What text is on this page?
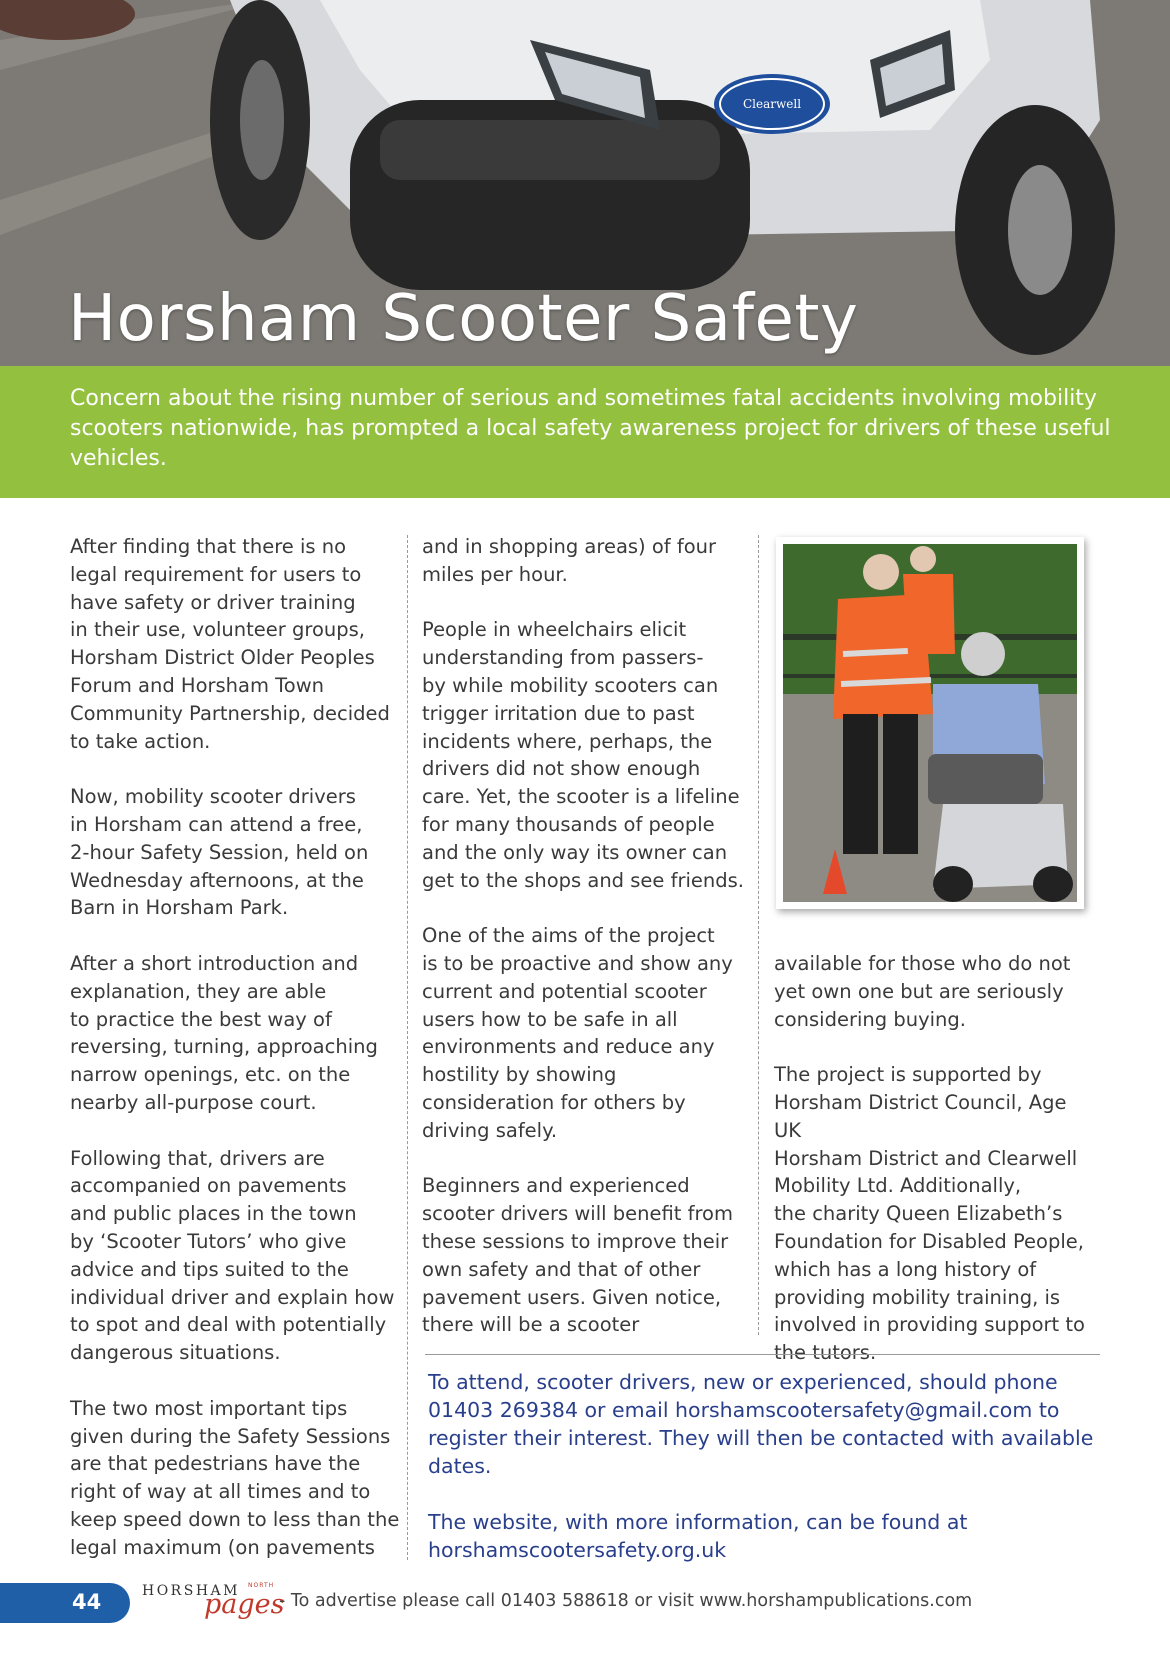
Clearwell
Horsham Scooter Safety

Concern about the rising number of serious and sometimes fatal accidents involving mobility scooters nationwide, has prompted a local safety awareness project for drivers of these useful vehicles.

After finding that there is no
legal requirement for users to
have safety or driver training
in their use, volunteer groups,
Horsham District Older Peoples
Forum and Horsham Town
Community Partnership, decided
to take action.

Now, mobility scooter drivers
in Horsham can attend a free,
2-hour Safety Session, held on
Wednesday afternoons, at the
Barn in Horsham Park.

After a short introduction and
explanation, they are able
to practice the best way of
reversing, turning, approaching
narrow openings, etc. on the
nearby all-purpose court.

Following that, drivers are
accompanied on pavements
and public places in the town
by ‘Scooter Tutors’ who give
advice and tips suited to the
individual driver and explain how
to spot and deal with potentially
dangerous situations.

The two most important tips
given during the Safety Sessions
are that pedestrians have the
right of way at all times and to
keep speed down to less than the
legal maximum (on pavements

and in shopping areas) of four
miles per hour.

People in wheelchairs elicit
understanding from passers-
by while mobility scooters can
trigger irritation due to past
incidents where, perhaps, the
drivers did not show enough
care. Yet, the scooter is a lifeline
for many thousands of people
and the only way its owner can
get to the shops and see friends.

One of the aims of the project
is to be proactive and show any
current and potential scooter
users how to be safe in all
environments and reduce any
hostility by showing
consideration for others by
driving safely.

Beginners and experienced
scooter drivers will benefit from
these sessions to improve their
own safety and that of other
pavement users. Given notice,
there will be a scooter

available for those who do not
yet own one but are seriously
considering buying.

The project is supported by
Horsham District Council, Age UK
Horsham District and Clearwell
Mobility Ltd. Additionally,
the charity Queen Elizabeth’s
Foundation for Disabled People,
which has a long history of
providing mobility training, is
involved in providing support to
the tutors.

To attend, scooter drivers, new or experienced, should phone
01403 269384 or email horshamscootersafety@gmail.com to
register their interest. They will then be contacted with available
dates.

The website, with more information, can be found at
horshamscootersafety.org.uk

44	HORSHAM NORTH
pages
- To advertise please call 01403 588618 or visit www.horshampublications.com
